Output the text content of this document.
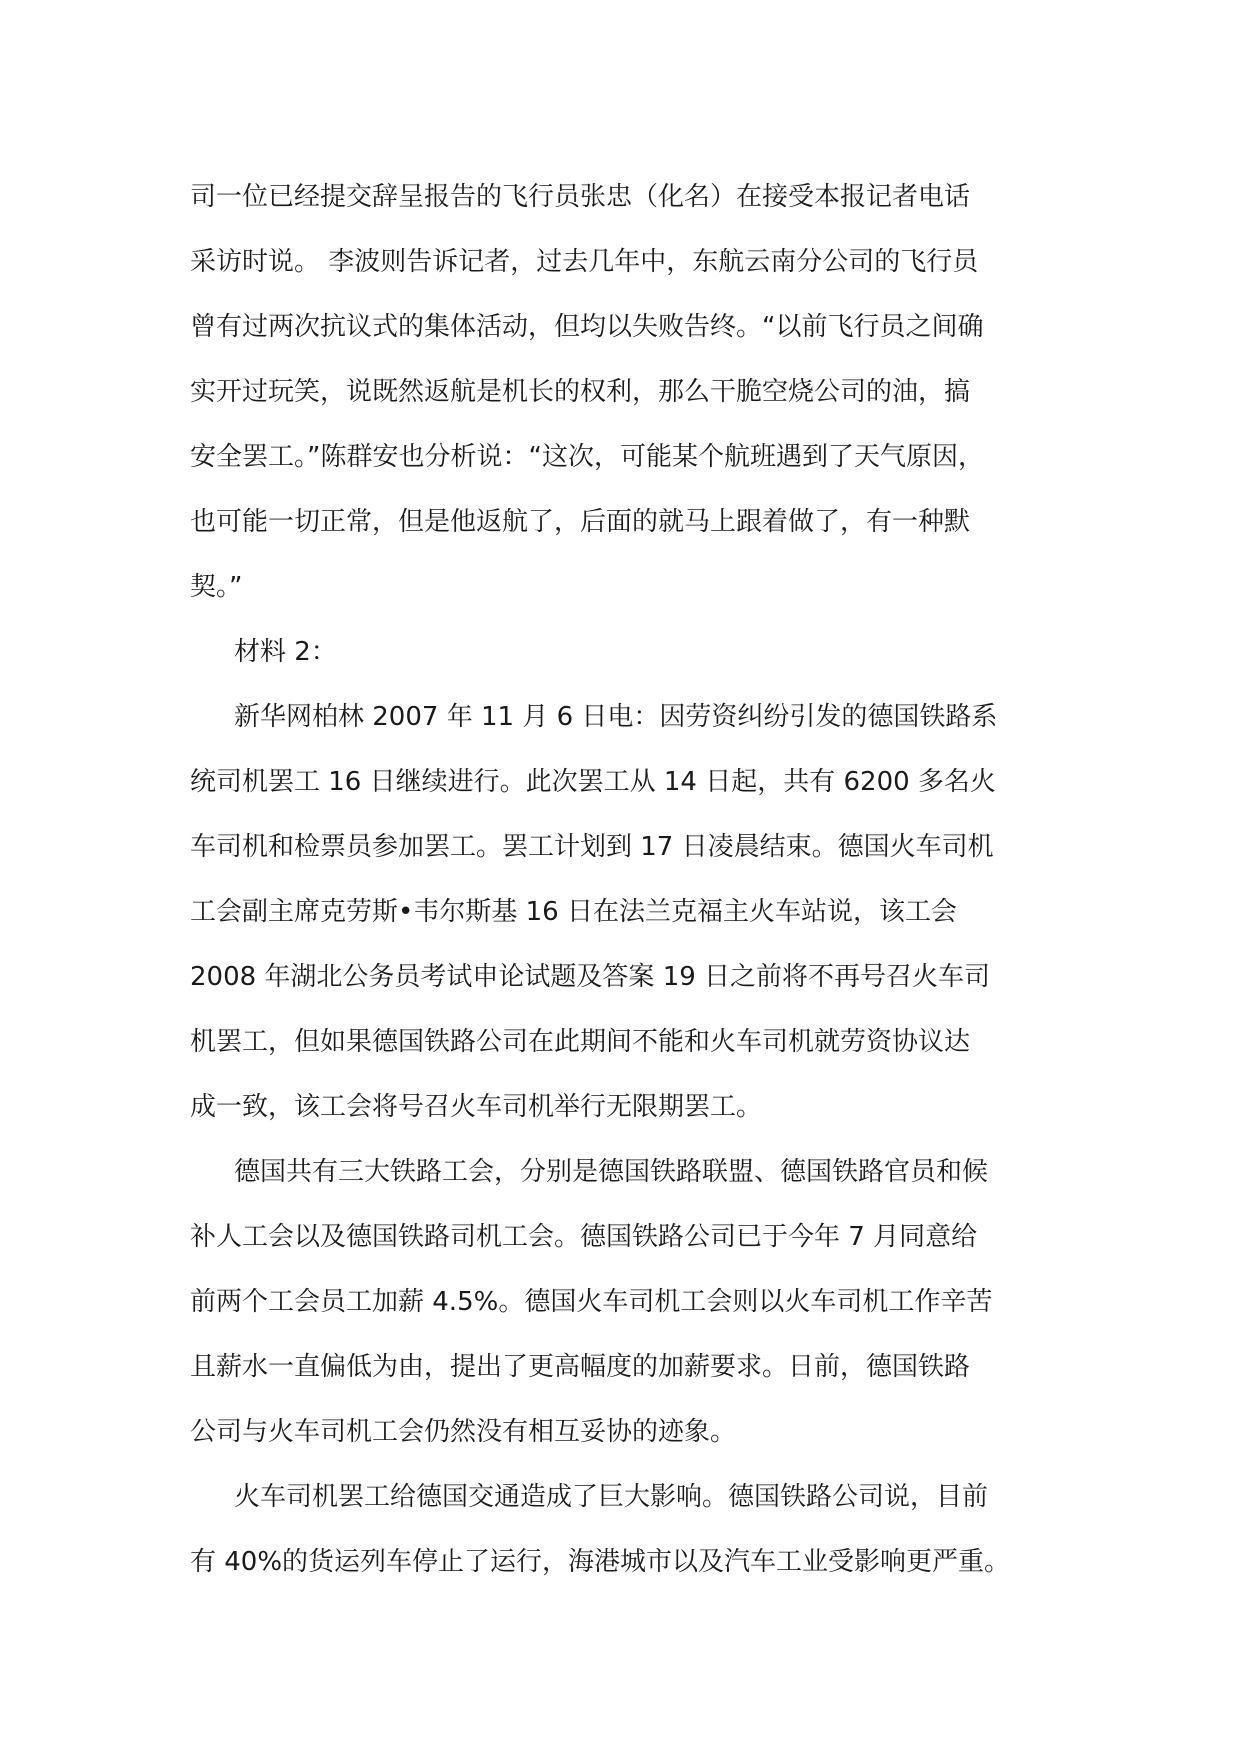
司一位已经提交辞呈报告的飞行员张忠（化名）在接受本报记者电话
采访时说。 李波则告诉记者，过去几年中，东航云南分公司的飞行员
曾有过两次抗议式的集体活动，但均以失败告终。“以前飞行员之间确
实开过玩笑，说既然返航是机长的权利，那么干脆空烧公司的油，搞
安全罢工。”陈群安也分析说：“这次，可能某个航班遇到了天气原因，
也可能一切正常，但是他返航了，后面的就马上跟着做了，有一种默
契。”
材料 2：
新华网柏林 2007 年 11 月 6 日电：因劳资纠纷引发的德国铁路系
统司机罢工 16 日继续进行。此次罢工从 14 日起，共有 6200 多名火
车司机和检票员参加罢工。罢工计划到 17 日凌晨结束。德国火车司机
工会副主席克劳斯•韦尔斯基 16 日在法兰克福主火车站说，该工会
2008 年湖北公务员考试申论试题及答案 19 日之前将不再号召火车司
机罢工，但如果德国铁路公司在此期间不能和火车司机就劳资协议达
成一致，该工会将号召火车司机举行无限期罢工。
德国共有三大铁路工会，分别是德国铁路联盟、德国铁路官员和候
补人工会以及德国铁路司机工会。德国铁路公司已于今年 7 月同意给
前两个工会员工加薪 4.5%。德国火车司机工会则以火车司机工作辛苦
且薪水一直偏低为由，提出了更高幅度的加薪要求。日前，德国铁路
公司与火车司机工会仍然没有相互妥协的迹象。
火车司机罢工给德国交通造成了巨大影响。德国铁路公司说，目前
有 40%的货运列车停止了运行，海港城市以及汽车工业受影响更严重。
